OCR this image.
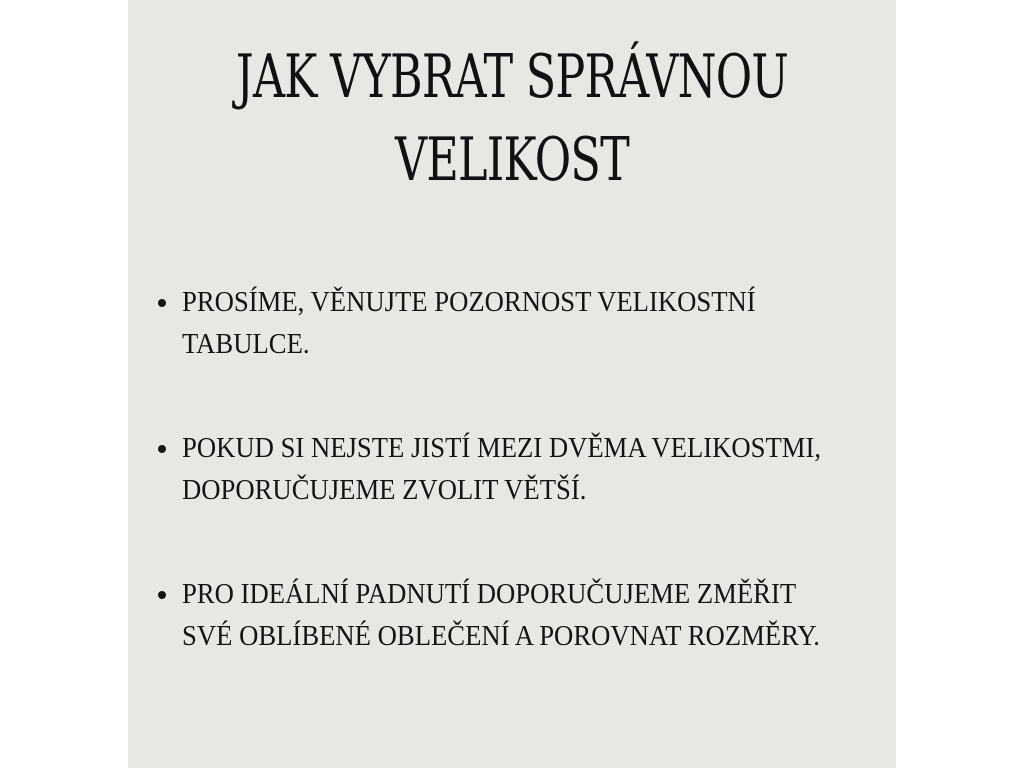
JAK VYBRAT SPRÁVNOU
VELIKOST
PROSÍME, VĚNUJTE POZORNOST VELIKOSTNÍ
TABULCE.
POKUD SI NEJSTE JISTÍ MEZI DVĚMA VELIKOSTMI,
DOPORUČUJEME ZVOLIT VĚTŠÍ.
PRO IDEÁLNÍ PADNUTÍ DOPORUČUJEME ZMĚŘIT
SVÉ OBLÍBENÉ OBLEČENÍ A POROVNAT ROZMĚRY.
